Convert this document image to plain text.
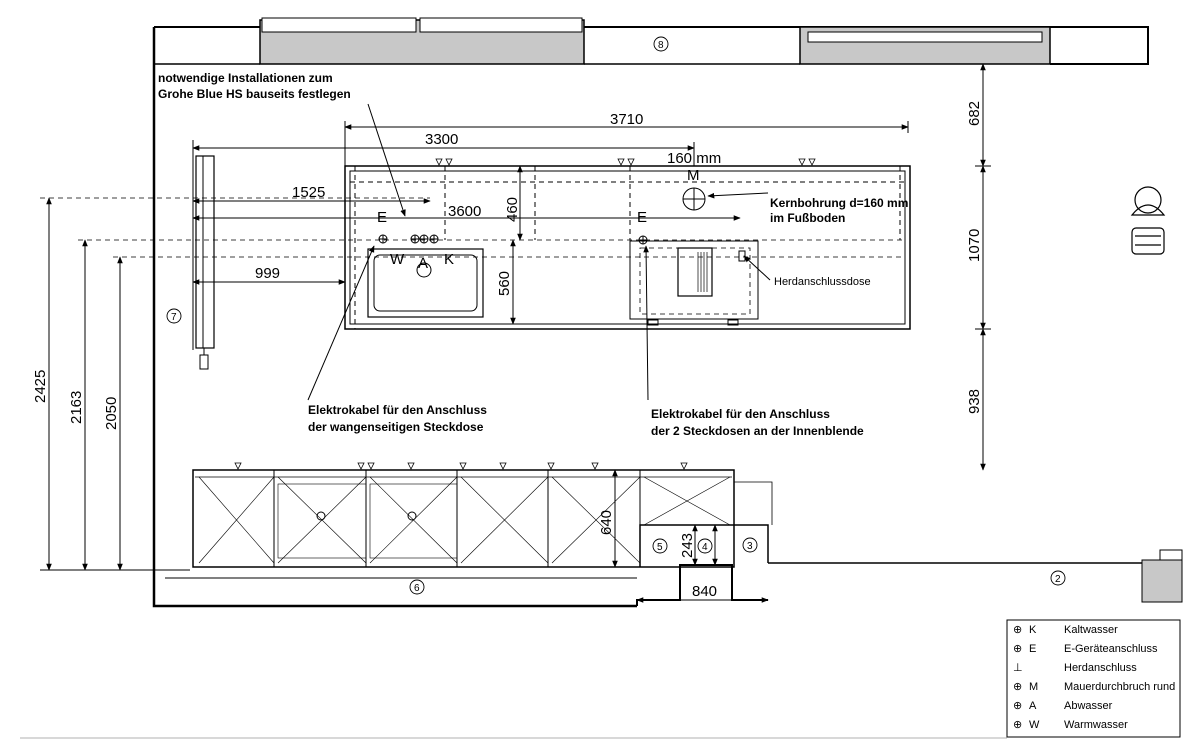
notwendige Installationen zum
Grohe Blue HS bauseits festlegen
3710
3300
160 mm
1525
3600
999
460
560
682
1070
938
2425
2163 2050
640
243
840
M
E	E
W A K
Kernbohrung d=160 mm
im Fußboden
Herdanschlussdose
Elektrokabel für den Anschluss
der wangenseitigen Steckdose
Elektrokabel für den Anschluss
der 2 Steckdosen an der Innenblende
8
7
6
5	4	3
2
⊕ K	Kaltwasser
⊕ E	E-Geräteanschluss
⊥	Herdanschluss
⊕ M Mauerdurchbruch rund
⊕ A	Abwasser
⊕ W Warmwasser
